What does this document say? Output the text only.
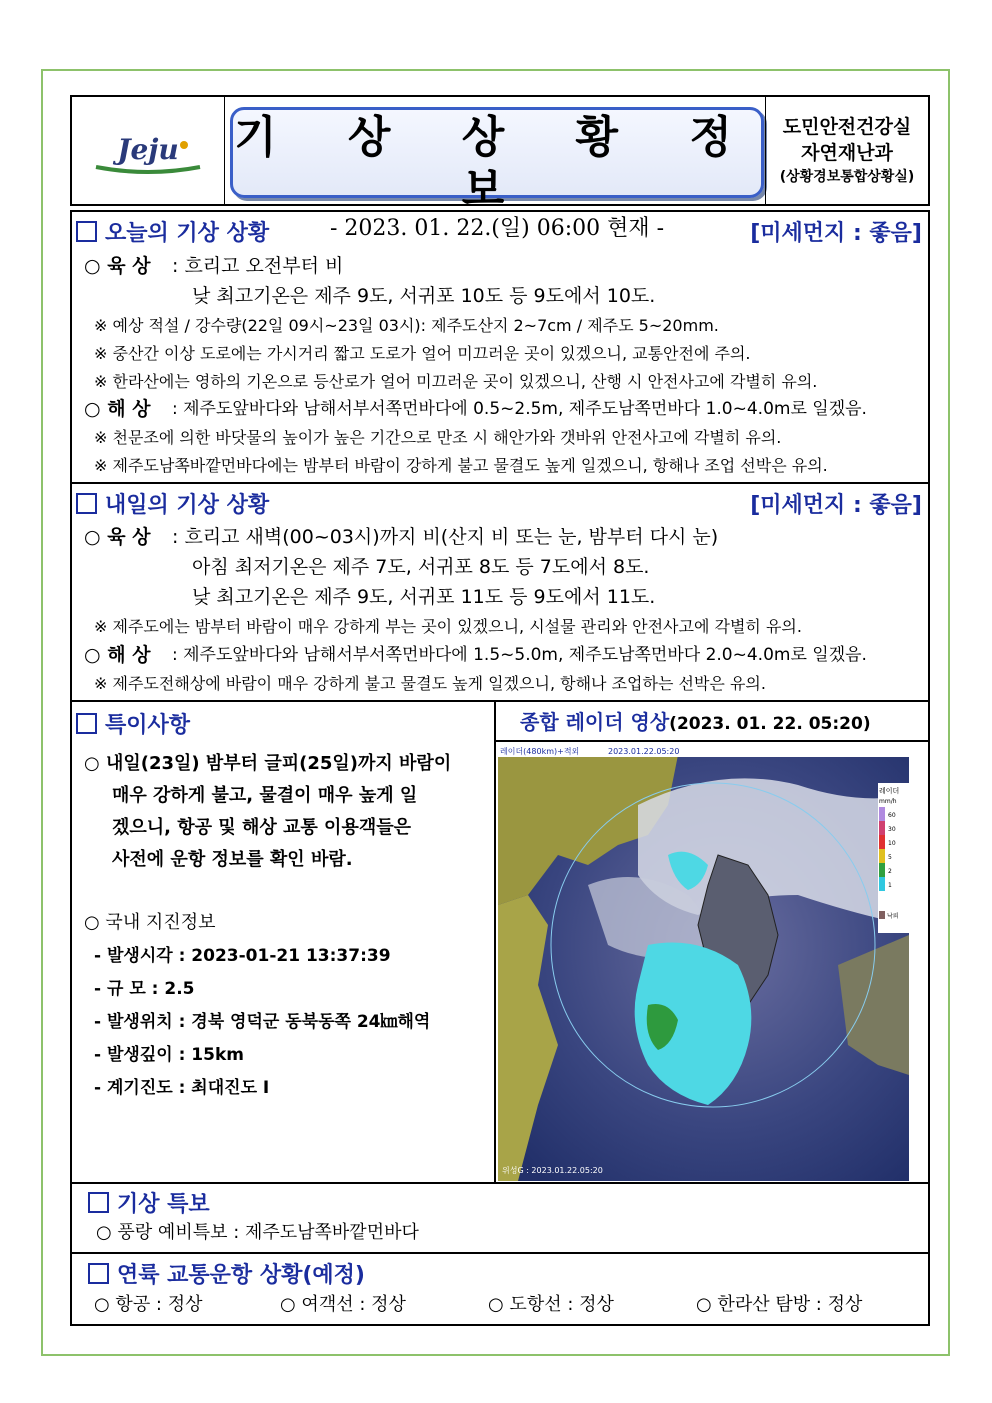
Jeju 기 상 상 황 정 보
- 2023. 01. 22.(일) 06:00 현재 -
도민안전건강실
자연재난과
(상황경보통합상황실)
오늘의 기상 상황	[미세먼지 : 좋음]
○ 육 상 : 흐리고 오전부터 비
낮 최고기온은 제주 9도, 서귀포 10도 등 9도에서 10도.
※ 예상 적설 / 강수량(22일 09시~23일 03시): 제주도산지 2~7cm / 제주도 5~20mm.
※ 중산간 이상 도로에는 가시거리 짧고 도로가 얼어 미끄러운 곳이 있겠으니, 교통안전에 주의.
※ 한라산에는 영하의 기온으로 등산로가 얼어 미끄러운 곳이 있겠으니, 산행 시 안전사고에 각별히 유의.
○ 해 상 : 제주도앞바다와 남해서부서쪽먼바다에 0.5~2.5m, 제주도남쪽먼바다 1.0~4.0m로 일겠음.
※ 천문조에 의한 바닷물의 높이가 높은 기간으로 만조 시 해안가와 갯바위 안전사고에 각별히 유의.
※ 제주도남쪽바깥먼바다에는 밤부터 바람이 강하게 불고 물결도 높게 일겠으니, 항해나 조업 선박은 유의.
내일의 기상 상황	[미세먼지 : 좋음]
○ 육 상 : 흐리고 새벽(00~03시)까지 비(산지 비 또는 눈, 밤부터 다시 눈)
아침 최저기온은 제주 7도, 서귀포 8도 등 7도에서 8도.
낮 최고기온은 제주 9도, 서귀포 11도 등 9도에서 11도.
※ 제주도에는 밤부터 바람이 매우 강하게 부는 곳이 있겠으니, 시설물 관리와 안전사고에 각별히 유의.
○ 해 상 : 제주도앞바다와 남해서부서쪽먼바다에 1.5~5.0m, 제주도남쪽먼바다 2.0~4.0m로 일겠음.
※ 제주도전해상에 바람이 매우 강하게 불고 물결도 높게 일겠으니, 항해나 조업하는 선박은 유의.
특이사항
○ 내일(23일) 밤부터 글피(25일)까지 바람이
매우 강하게 불고, 물결이 매우 높게 일
겠으니, 항공 및 해상 교통 이용객들은
사전에 운항 정보를 확인 바람.
○ 국내 지진정보
- 발생시각 : 2023-01-21 13:37:39
- 규 모 : 2.5
- 발생위치 : 경북 영덕군 동북동쪽 24㎞해역
- 발생깊이 : 15km
- 계기진도 : 최대진도 Ⅰ
종합 레이더 영상(2023. 01. 22. 05:20)
레이더(480km)+적외	2023.01.22.05:20
위성G : 2023.01.22.05:20
레이더
mm/h
60
30
10
5
2
1
낙뢰
기상 특보
○ 풍랑 예비특보 : 제주도남쪽바깥먼바다
연륙 교통운항 상황(예정)
○ 항공 : 정상	○ 여객선 : 정상	○ 도항선 : 정상	○ 한라산 탐방 : 정상
